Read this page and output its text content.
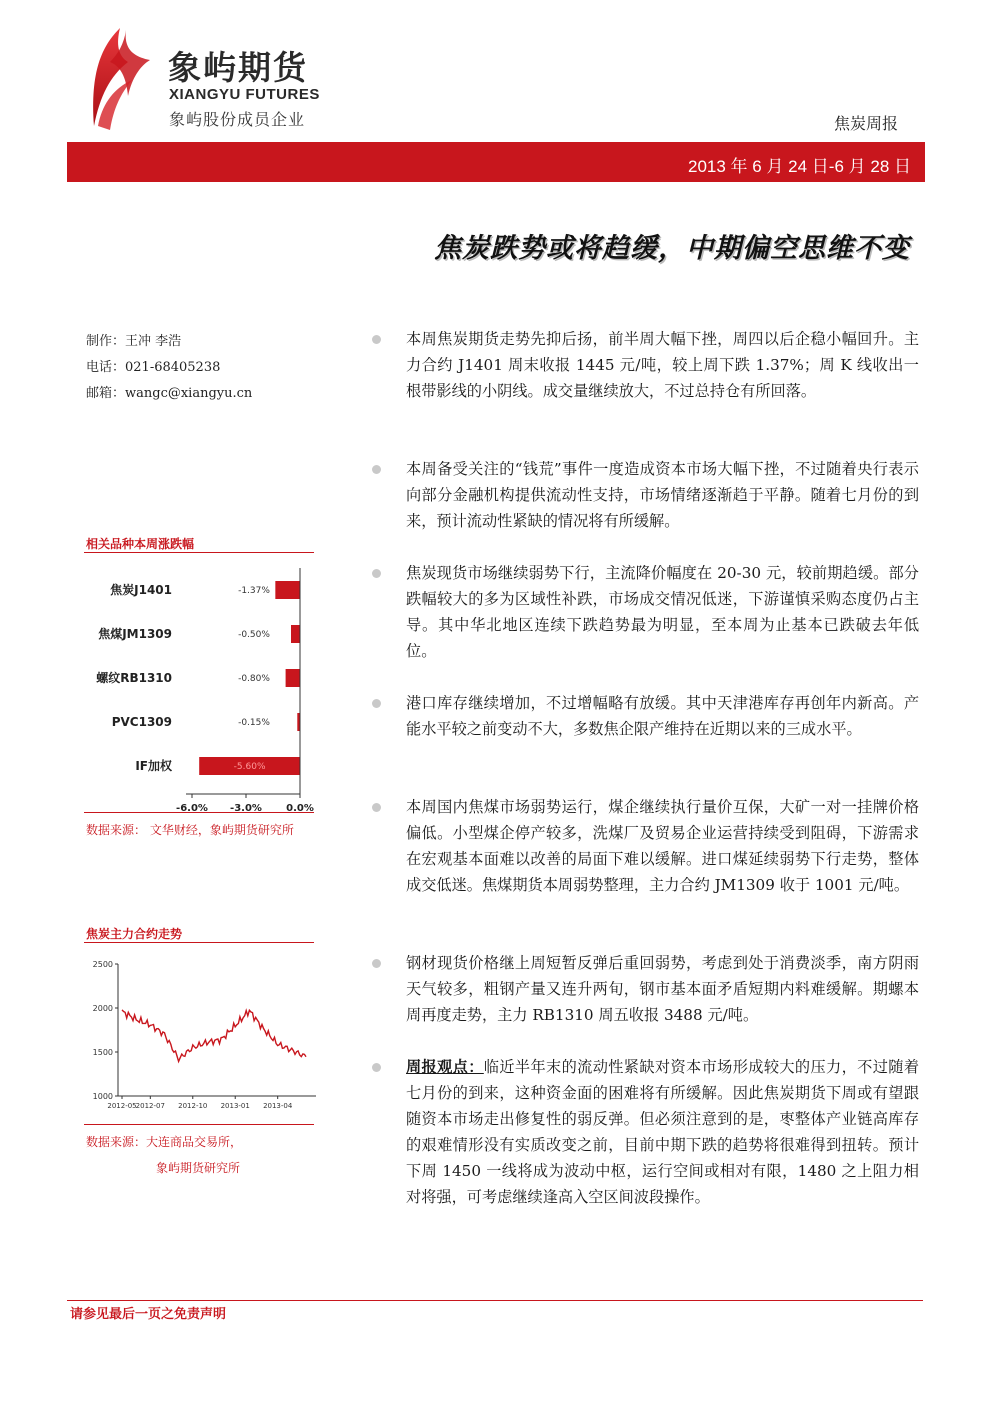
象屿期货
XIANGYU FUTURES
象屿股份成员企业	焦炭周报
2013 年 6 月 24 日-6 月 28 日
焦炭跌势或将趋缓，中期偏空思维不变
制作：王冲 李浩
电话：021-68405238
邮箱：wangc@xiangyu.cn
相关品种本周涨跌幅
焦炭J1401	-1.37%
焦煤JM1309	-0.50%
螺纹RB1310	-0.80%
PVC1309	-0.15%
IF加权	-5.60%
-6.0% -3.0% 0.0%
数据来源： 文华财经，象屿期货研究所
焦炭主力合约走势
1000
1500
2000
2500
2012-05 2012-07 2012-10 2013-01 2013-04
数据来源：大连商品交易所，
象屿期货研究所
本周焦炭期货走势先抑后扬，前半周大幅下挫，周四以后企稳小幅回升。主力合约 J1401 周末收报 1445 元/吨，较上周下跌 1.37%；周 K 线收出一根带影线的小阴线。成交量继续放大，不过总持仓有所回落。
本周备受关注的“钱荒”事件一度造成资本市场大幅下挫，不过随着央行表示向部分金融机构提供流动性支持，市场情绪逐渐趋于平静。随着七月份的到来，预计流动性紧缺的情况将有所缓解。
焦炭现货市场继续弱势下行，主流降价幅度在 20-30 元，较前期趋缓。部分跌幅较大的多为区域性补跌，市场成交情况低迷，下游谨慎采购态度仍占主导。其中华北地区连续下跌趋势最为明显，至本周为止基本已跌破去年低位。
港口库存继续增加，不过增幅略有放缓。其中天津港库存再创年内新高。产能水平较之前变动不大，多数焦企限产维持在近期以来的三成水平。
本周国内焦煤市场弱势运行，煤企继续执行量价互保，大矿一对一挂牌价格偏低。小型煤企停产较多，洗煤厂及贸易企业运营持续受到阻碍，下游需求在宏观基本面难以改善的局面下难以缓解。进口煤延续弱势下行走势，整体成交低迷。焦煤期货本周弱势整理，主力合约 JM1309 收于 1001 元/吨。
钢材现货价格继上周短暂反弹后重回弱势，考虑到处于消费淡季，南方阴雨天气较多，粗钢产量又连升两旬，钢市基本面矛盾短期内料难缓解。期螺本周再度走势，主力 RB1310 周五收报 3488 元/吨。
周报观点：临近半年末的流动性紧缺对资本市场形成较大的压力，不过随着七月份的到来，这种资金面的困难将有所缓解。因此焦炭期货下周或有望跟随资本市场走出修复性的弱反弹。但必须注意到的是，枣整体产业链高库存的艰难情形没有实质改变之前，目前中期下跌的趋势将很难得到扭转。预计下周 1450 一线将成为波动中枢，运行空间或相对有限，1480 之上阻力相对将强，可考虑继续逢高入空区间波段操作。
请参见最后一页之免责声明
